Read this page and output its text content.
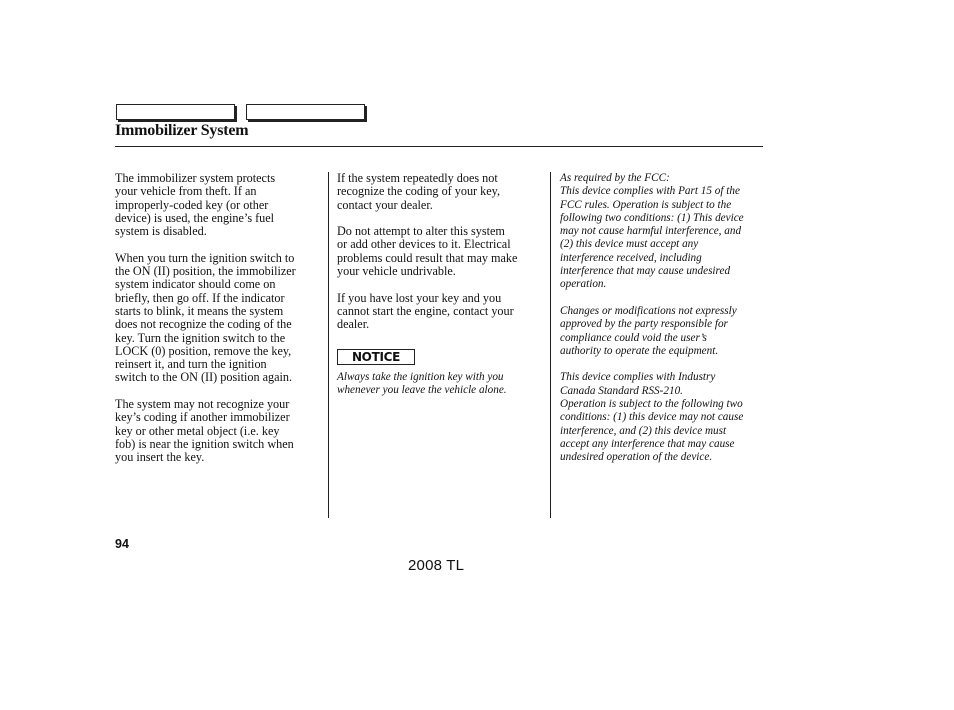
Immobilizer System

The immobilizer system protects
your vehicle from theft. If an
improperly-coded key (or other
device) is used, the engine’s fuel
system is disabled.

When you turn the ignition switch to
the ON (II) position, the immobilizer
system indicator should come on
briefly, then go off. If the indicator
starts to blink, it means the system
does not recognize the coding of the
key. Turn the ignition switch to the
LOCK (0) position, remove the key,
reinsert it, and turn the ignition
switch to the ON (II) position again.

The system may not recognize your
key’s coding if another immobilizer
key or other metal object (i.e. key
fob) is near the ignition switch when
you insert the key.

If the system repeatedly does not
recognize the coding of your key,
contact your dealer.

Do not attempt to alter this system
or add other devices to it. Electrical
problems could result that may make
your vehicle undrivable.

If you have lost your key and you
cannot start the engine, contact your
dealer.

NOTICE

Always take the ignition key with you
whenever you leave the vehicle alone.

As required by the FCC:
This device complies with Part 15 of the
FCC rules. Operation is subject to the
following two conditions: (1) This device
may not cause harmful interference, and
(2) this device must accept any
interference received, including
interference that may cause undesired
operation.

Changes or modifications not expressly
approved by the party responsible for
compliance could void the user’s
authority to operate the equipment.

This device complies with Industry
Canada Standard RSS-210.
Operation is subject to the following two
conditions: (1) this device may not cause
interference, and (2) this device must
accept any interference that may cause
undesired operation of the device.

94
2008 TL
